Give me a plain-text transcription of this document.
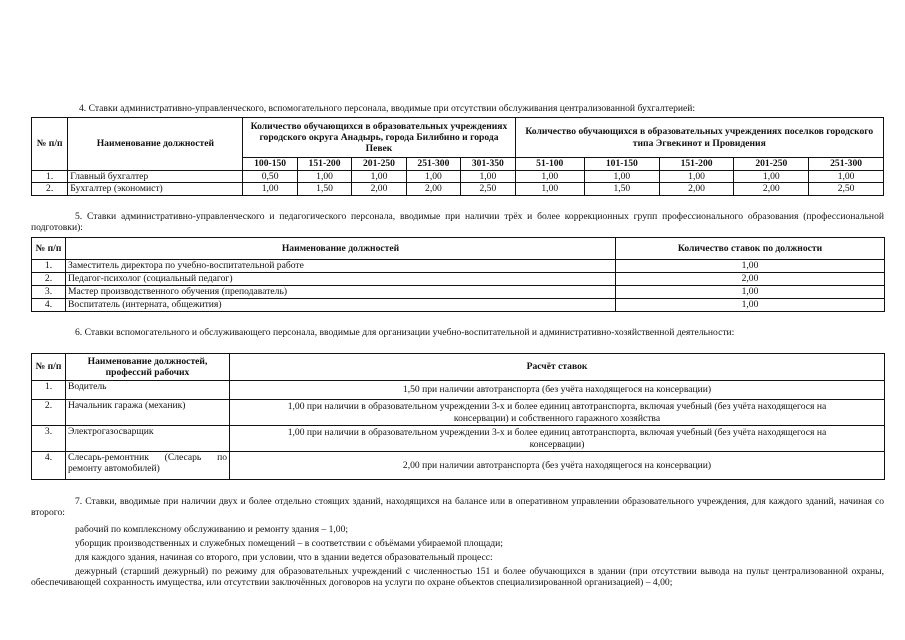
4. Ставки административно-управленческого, вспомогательного персонала, вводимые при отсутствии обслуживания централизованной бухгалтерией:
№ п/п	Наименование должностей	Количество обучающихся в образовательных учреждениях городского округа Анадырь, города Билибино и города Певек					Количество обучающихся в образовательных учреждениях поселков городского типа Эгвекинот и Провидения				
		100-150	151-200	201-250	251-300	301-350	51-100	101-150	151-200	201-250	251-300
1.	Главный бухгалтер	0,50	1,00	1,00	1,00	1,00	1,00	1,00	1,00	1,00	1,00
2.	Бухгалтер (экономист)	1,00	1,50	2,00	2,00	2,50	1,00	1,50	2,00	2,00	2,50
5. Ставки административно-управленческого и педагогического персонала, вводимые при наличии трёх и более коррекционных групп профессионального образования (профессиональной подготовки):
№ п/п	Наименование должностей	Количество ставок по должности
1.	Заместитель директора по учебно-воспитательной работе	1,00
2.	Педагог-психолог (социальный педагог)	2,00
3.	Мастер производственного обучения (преподаватель)	1,00
4.	Воспитатель (интерната, общежития)	1,00
6. Ставки вспомогательного и обслуживающего персонала, вводимые для организации учебно-воспитательной и административно-хозяйственной деятельности:
№ п/п	Наименование должностей, профессий рабочих	Расчёт ставок
1.	Водитель	1,50 при наличии автотранспорта (без учёта находящегося на консервации)
2.	Начальник гаража (механик)	1,00 при наличии в образовательном учреждении 3-х и более единиц автотранспорта, включая учебный (без учёта находящегося на консервации) и собственного гаражного хозяйства
3.	Электрогазосварщик	1,00 при наличии в образовательном учреждении 3-х и более единиц автотранспорта, включая учебный (без учёта находящегося на консервации)
4.	Слесарь-ремонтник (Слесарь по ремонту автомобилей)	2,00 при наличии автотранспорта (без учёта находящегося на консервации)
7. Ставки, вводимые при наличии двух и более отдельно стоящих зданий, находящихся на балансе или в оперативном управлении образовательного учреждения, для каждого зданий, начиная со второго:
рабочий по комплексному обслуживанию и ремонту здания – 1,00;
уборщик производственных и служебных помещений – в соответствии с объёмами убираемой площади;
для каждого здания, начиная со второго, при условии, что в здании ведется образовательный процесс:
дежурный (старший дежурный) по режиму для образовательных учреждений с численностью 151 и более обучающихся в здании (при отсутствии вывода на пульт централизованной охраны, обеспечивающей сохранность имущества, или отсутствии заключённых договоров на услуги по охране объектов специализированной организацией) – 4,00;
